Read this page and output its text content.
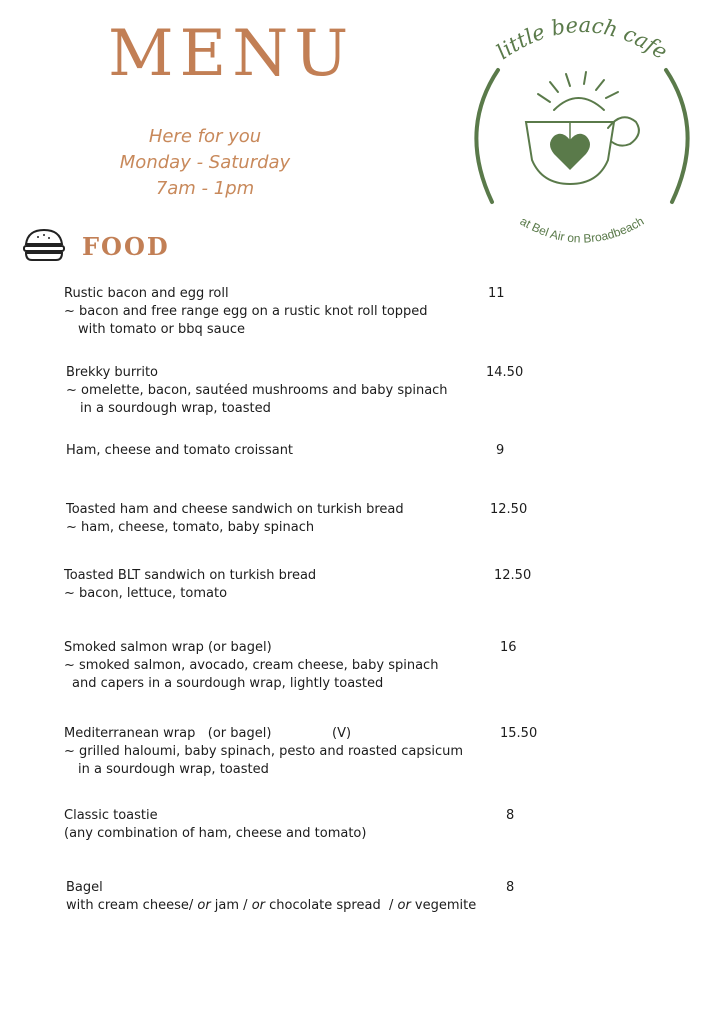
MENU
Here for you
Monday - Saturday
7am - 1pm
little beach cafe
at Bel Air on Broadbeach
FOOD
Rustic bacon and egg roll	11
~ bacon and free range egg on a rustic knot roll topped
with tomato or bbq sauce
Brekky burrito	14.50
~ omelette, bacon, sautéed mushrooms and baby spinach
in a sourdough wrap, toasted
Ham, cheese and tomato croissant	9
Toasted ham and cheese sandwich on turkish bread	12.50
~ ham, cheese, tomato, baby spinach
Toasted BLT sandwich on turkish bread	12.50
~ bacon, lettuce, tomato
Smoked salmon wrap (or bagel)	16
~ smoked salmon, avocado, cream cheese, baby spinach
and capers in a sourdough wrap, lightly toasted
Mediterranean wrap   (or bagel)	(V)	15.50
~ grilled haloumi, baby spinach, pesto and roasted capsicum
in a sourdough wrap, toasted
Classic toastie	8
(any combination of ham, cheese and tomato)
Bagel	8
with cream cheese/ or jam / or chocolate spread  / or vegemite
